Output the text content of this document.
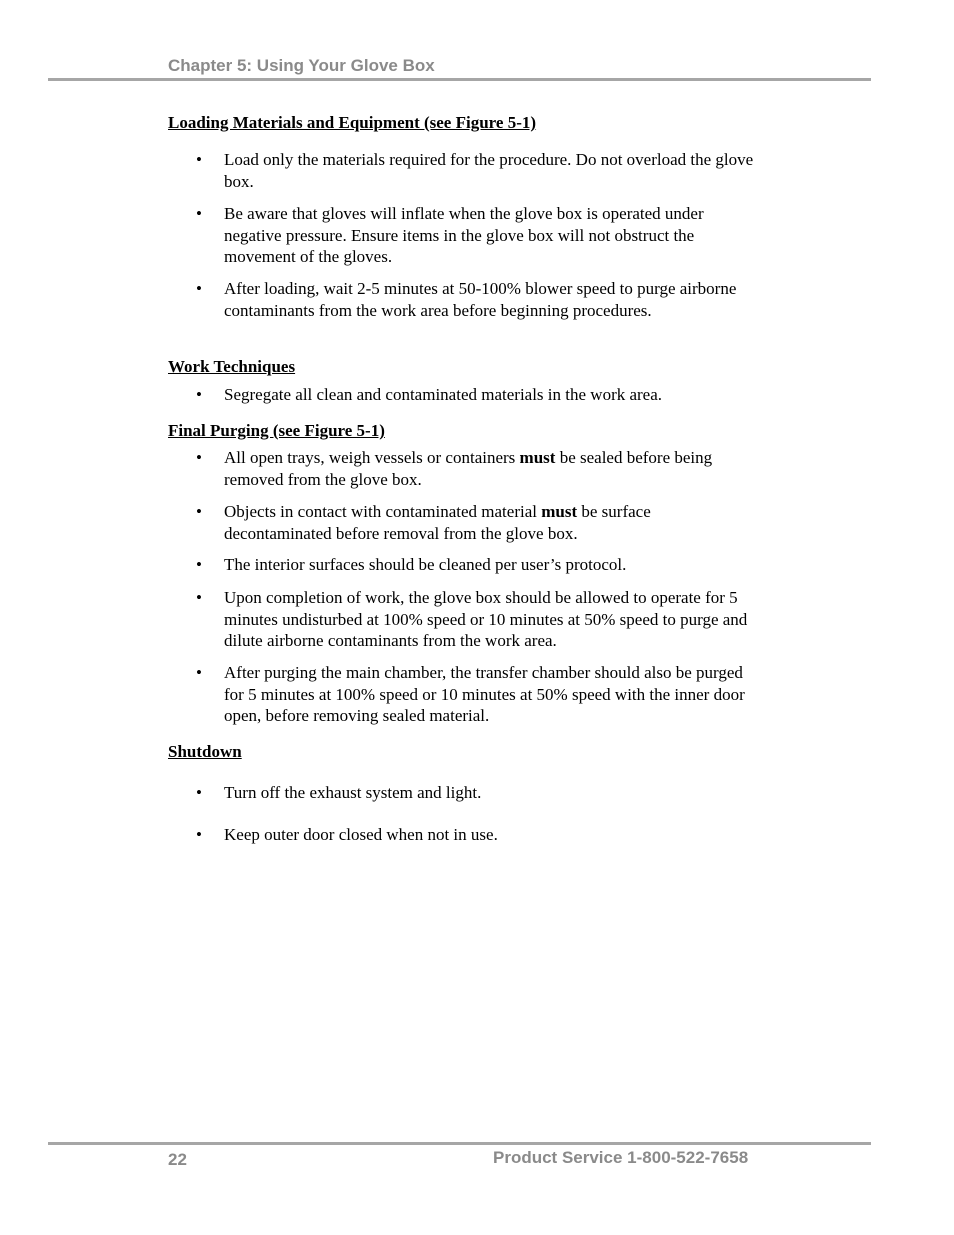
Chapter 5: Using Your Glove Box
Loading Materials and Equipment (see Figure 5-1)
• Load only the materials required for the procedure. Do not overload the glove box.
• Be aware that gloves will inflate when the glove box is operated under negative pressure. Ensure items in the glove box will not obstruct the movement of the gloves.
• After loading, wait 2-5 minutes at 50-100% blower speed to purge airborne contaminants from the work area before beginning procedures.
Work Techniques
• Segregate all clean and contaminated materials in the work area.
Final Purging (see Figure 5-1)
• All open trays, weigh vessels or containers must be sealed before being removed from the glove box.
• Objects in contact with contaminated material must be surface decontaminated before removal from the glove box.
• The interior surfaces should be cleaned per user’s protocol.
• Upon completion of work, the glove box should be allowed to operate for 5 minutes undisturbed at 100% speed or 10 minutes at 50% speed to purge and dilute airborne contaminants from the work area.
• After purging the main chamber, the transfer chamber should also be purged for 5 minutes at 100% speed or 10 minutes at 50% speed with the inner door open, before removing sealed material.
Shutdown
• Turn off the exhaust system and light.
• Keep outer door closed when not in use.
22	Product Service 1-800-522-7658
